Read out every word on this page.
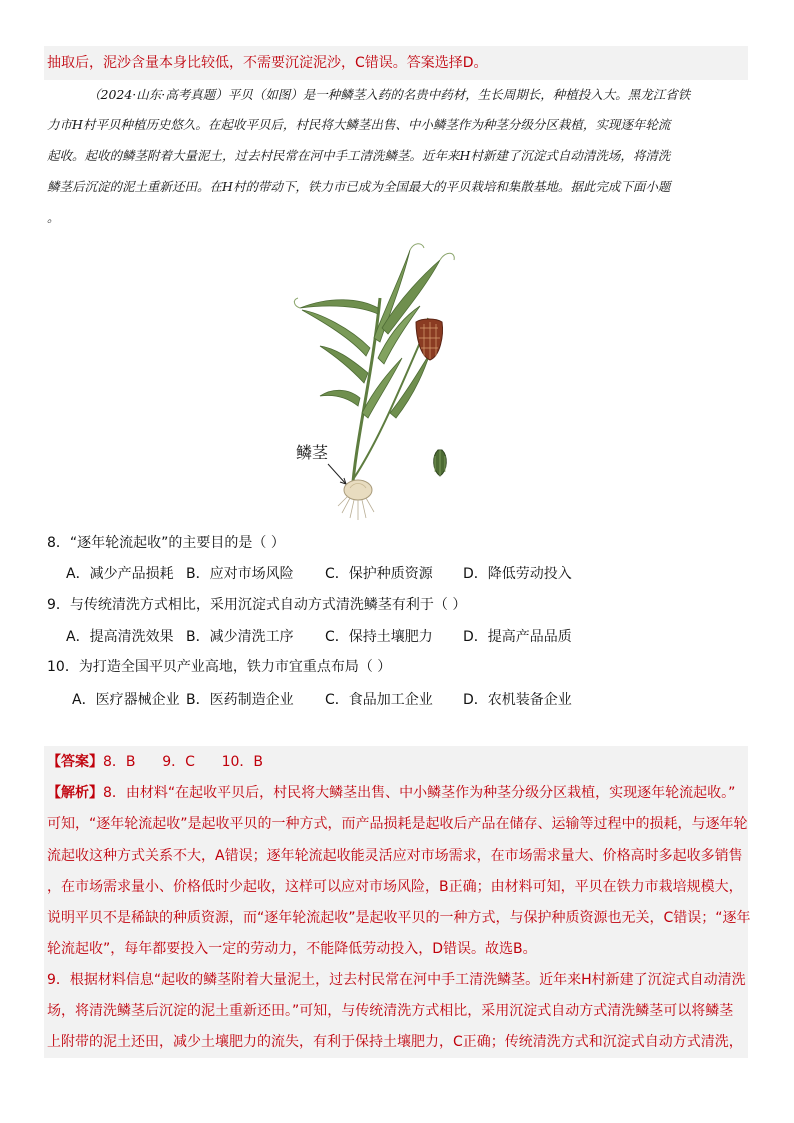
抽取后，泥沙含量本身比较低，不需要沉淀泥沙，C错误。答案选择D。
（2024·山东·高考真题）平贝（如图）是一种鳞茎入药的名贵中药材，生长周期长，种植投入大。黑龙江省铁
力市H村平贝种植历史悠久。在起收平贝后，村民将大鳞茎出售、中小鳞茎作为种茎分级分区栽植，实现逐年轮流
起收。起收的鳞茎附着大量泥土，过去村民常在河中手工清洗鳞茎。近年来H村新建了沉淀式自动清洗场，将清洗
鳞茎后沉淀的泥土重新还田。在H村的带动下，铁力市已成为全国最大的平贝栽培和集散基地。据此完成下面小题
。
鳞茎
8．“逐年轮流起收”的主要目的是（ ）
A．减少产品损耗 B．应对市场风险 C．保护种质资源 D．降低劳动投入
9．与传统清洗方式相比，采用沉淀式自动方式清洗鳞茎有利于（ ）
A．提高清洗效果 B．减少清洗工序 C．保持土壤肥力 D．提高产品品质
10．为打造全国平贝产业高地，铁力市宜重点布局（ ）
A．医疗器械企业 B．医药制造企业 C．食品加工企业 D．农机装备企业
【答案】8．B      9．C      10．B
【解析】8．由材料“在起收平贝后，村民将大鳞茎出售、中小鳞茎作为种茎分级分区栽植，实现逐年轮流起收。”
可知，“逐年轮流起收”是起收平贝的一种方式，而产品损耗是起收后产品在储存、运输等过程中的损耗，与逐年轮
流起收这种方式关系不大，A错误；逐年轮流起收能灵活应对市场需求，在市场需求量大、价格高时多起收多销售
，在市场需求量小、价格低时少起收，这样可以应对市场风险，B正确；由材料可知，平贝在铁力市栽培规模大，
说明平贝不是稀缺的种质资源，而“逐年轮流起收”是起收平贝的一种方式，与保护种质资源也无关，C错误；“逐年
轮流起收”，每年都要投入一定的劳动力，不能降低劳动投入，D错误。故选B。
9．根据材料信息“起收的鳞茎附着大量泥土，过去村民常在河中手工清洗鳞茎。近年来H村新建了沉淀式自动清洗
场，将清洗鳞茎后沉淀的泥土重新还田。”可知，与传统清洗方式相比，采用沉淀式自动方式清洗鳞茎可以将鳞茎
上附带的泥土还田，减少土壤肥力的流失，有利于保持土壤肥力，C正确；传统清洗方式和沉淀式自动方式清洗，
